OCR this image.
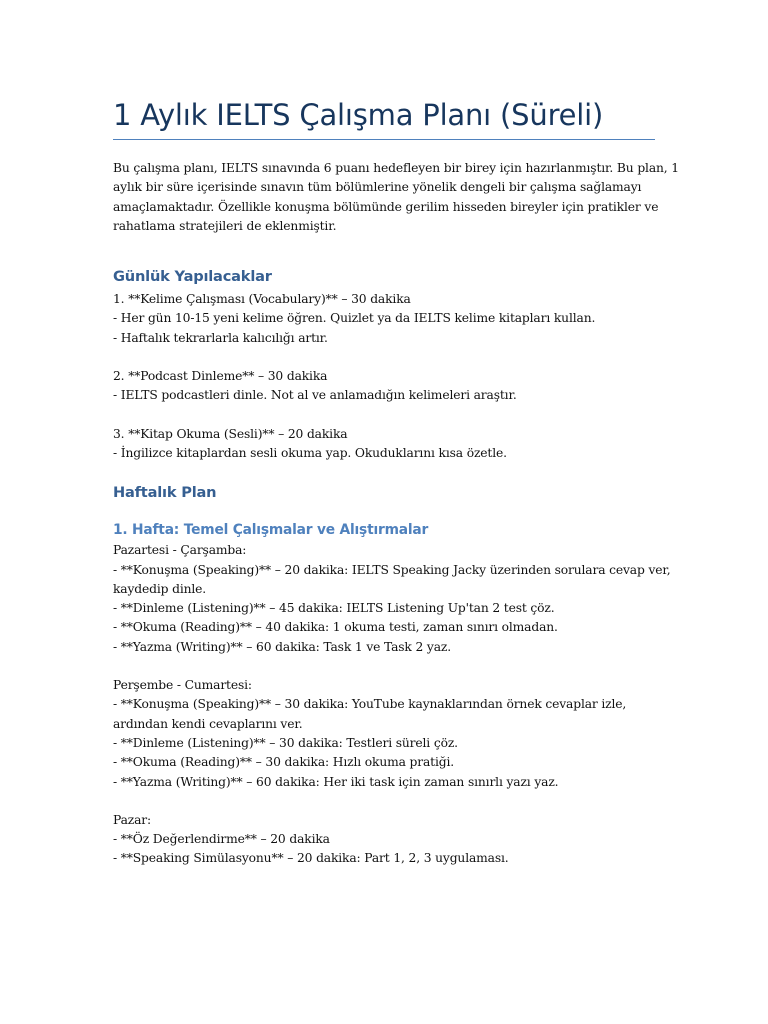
1 Aylık IELTS Çalışma Planı (Süreli)
Bu çalışma planı, IELTS sınavında 6 puanı hedefleyen bir birey için hazırlanmıştır. Bu plan, 1
aylık bir süre içerisinde sınavın tüm bölümlerine yönelik dengeli bir çalışma sağlamayı
amaçlamaktadır. Özellikle konuşma bölümünde gerilim hisseden bireyler için pratikler ve
rahatlama stratejileri de eklenmiştir.
Günlük Yapılacaklar
1. **Kelime Çalışması (Vocabulary)** – 30 dakika
- Her gün 10-15 yeni kelime öğren. Quizlet ya da IELTS kelime kitapları kullan.
- Haftalık tekrarlarla kalıcılığı artır.
2. **Podcast Dinleme** – 30 dakika
- IELTS podcastleri dinle. Not al ve anlamadığın kelimeleri araştır.
3. **Kitap Okuma (Sesli)** – 20 dakika
- İngilizce kitaplardan sesli okuma yap. Okuduklarını kısa özetle.
Haftalık Plan
1. Hafta: Temel Çalışmalar ve Alıştırmalar
Pazartesi - Çarşamba:
- **Konuşma (Speaking)** – 20 dakika: IELTS Speaking Jacky üzerinden sorulara cevap ver,
kaydedip dinle.
- **Dinleme (Listening)** – 45 dakika: IELTS Listening Up'tan 2 test çöz.
- **Okuma (Reading)** – 40 dakika: 1 okuma testi, zaman sınırı olmadan.
- **Yazma (Writing)** – 60 dakika: Task 1 ve Task 2 yaz.
Perşembe - Cumartesi:
- **Konuşma (Speaking)** – 30 dakika: YouTube kaynaklarından örnek cevaplar izle,
ardından kendi cevaplarını ver.
- **Dinleme (Listening)** – 30 dakika: Testleri süreli çöz.
- **Okuma (Reading)** – 30 dakika: Hızlı okuma pratiği.
- **Yazma (Writing)** – 60 dakika: Her iki task için zaman sınırlı yazı yaz.
Pazar:
- **Öz Değerlendirme** – 20 dakika
- **Speaking Simülasyonu** – 20 dakika: Part 1, 2, 3 uygulaması.
